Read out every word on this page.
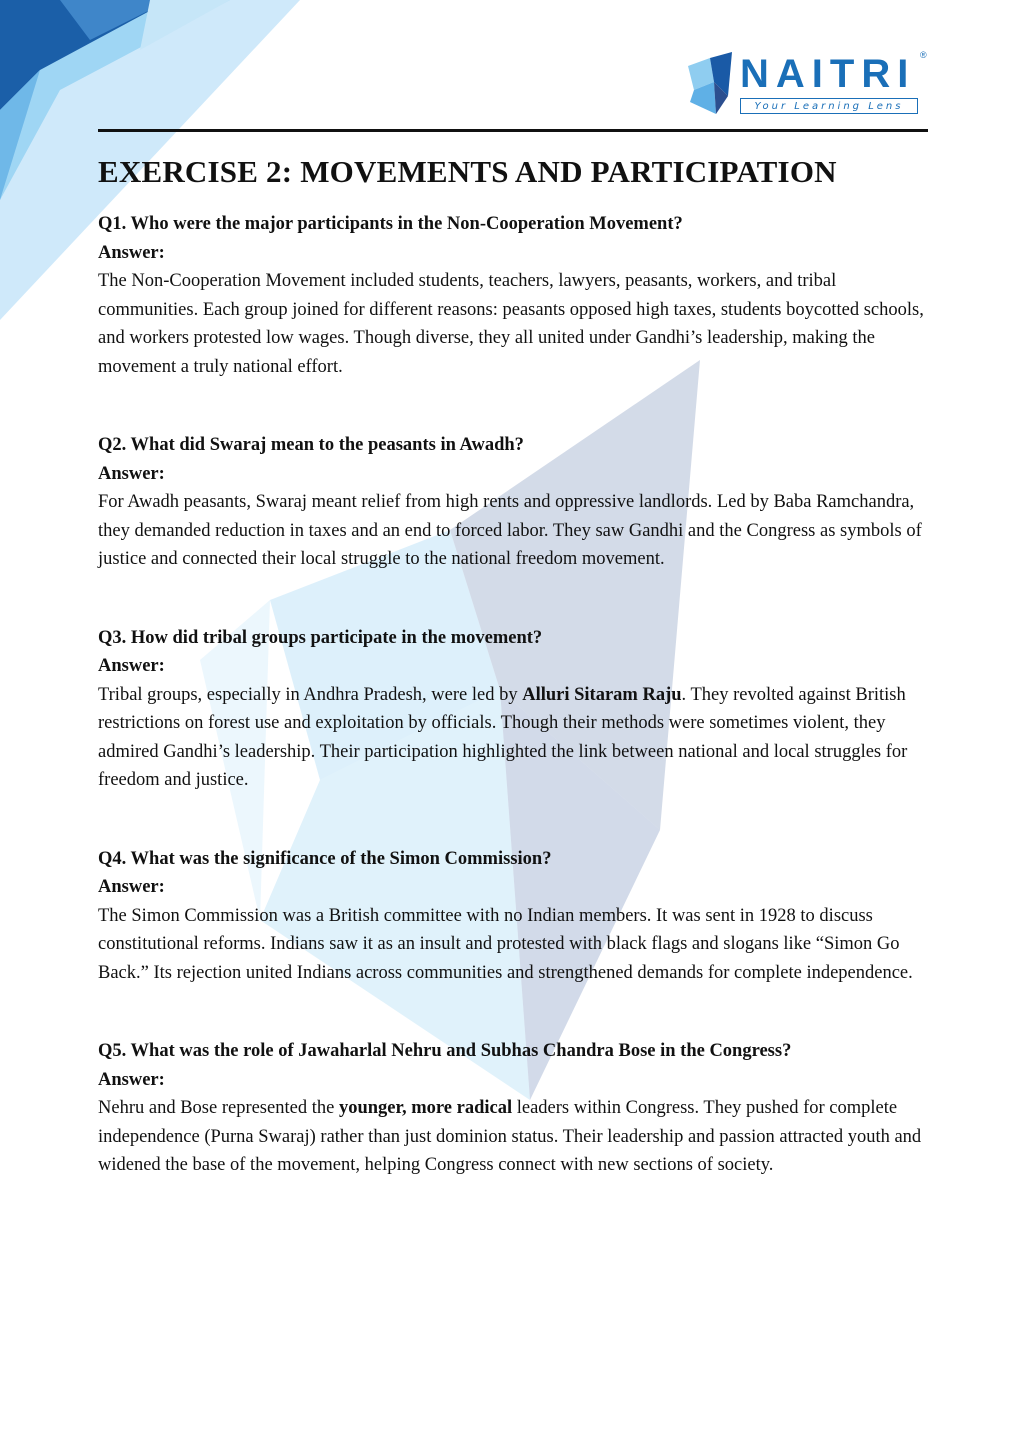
NAITRI ®
Your Learning Lens
EXERCISE 2: MOVEMENTS AND PARTICIPATION
Q1. Who were the major participants in the Non-Cooperation Movement?
Answer:

The Non-Cooperation Movement included students, teachers, lawyers, peasants, workers, and tribal communities. Each group joined for different reasons: peasants opposed high taxes, students boycotted schools, and workers protested low wages. Though diverse, they all united under Gandhi’s leadership, making the movement a truly national effort.

Q2. What did Swaraj mean to the peasants in Awadh?
Answer:

For Awadh peasants, Swaraj meant relief from high rents and oppressive landlords. Led by Baba Ramchandra, they demanded reduction in taxes and an end to forced labor. They saw Gandhi and the Congress as symbols of justice and connected their local struggle to the national freedom movement.

Q3. How did tribal groups participate in the movement?
Answer:

Tribal groups, especially in Andhra Pradesh, were led by Alluri Sitaram Raju. They revolted against British restrictions on forest use and exploitation by officials. Though their methods were sometimes violent, they admired Gandhi’s leadership. Their participation highlighted the link between national and local struggles for freedom and justice.

Q4. What was the significance of the Simon Commission?
Answer:

The Simon Commission was a British committee with no Indian members. It was sent in 1928 to discuss constitutional reforms. Indians saw it as an insult and protested with black flags and slogans like “Simon Go Back.” Its rejection united Indians across communities and strengthened demands for complete independence.

Q5. What was the role of Jawaharlal Nehru and Subhas Chandra Bose in the Congress?
Answer:

Nehru and Bose represented the younger, more radical leaders within Congress. They pushed for complete independence (Purna Swaraj) rather than just dominion status. Their leadership and passion attracted youth and widened the base of the movement, helping Congress connect with new sections of society.
